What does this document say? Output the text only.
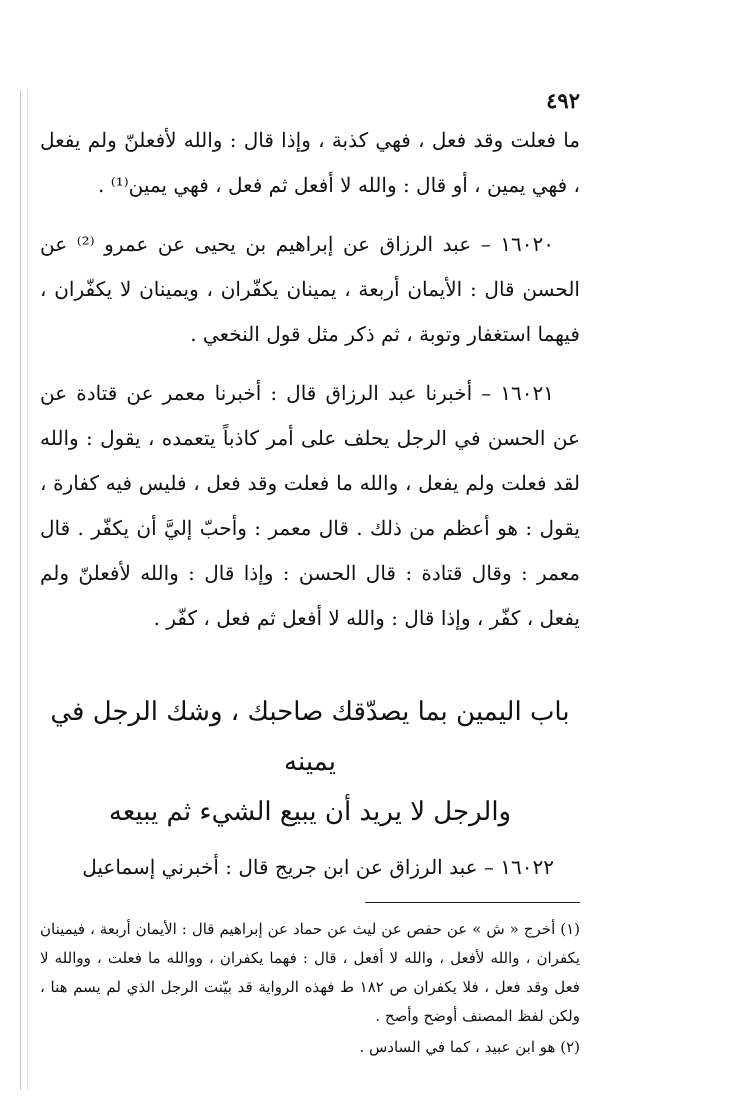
٤٩٢

ما فعلت وقد فعل ، فهي كذبة ، وإذا قال : والله لأفعلنّ ولم يفعل ، فهي يمين ، أو قال : والله لا أفعل ثم فعل ، فهي يمين⁽¹⁾ .

١٦٠٢٠ – عبد الرزاق عن إبراهيم بن يحيى عن عمرو ⁽²⁾ عن الحسن قال : الأيمان أربعة ، يمينان يكفّران ، ويمينان لا يكفّران ، فيهما استغفار وتوبة ، ثم ذكر مثل قول النخعي .

١٦٠٢١ – أخبرنا عبد الرزاق قال : أخبرنا معمر عن قتادة عن عن الحسن في الرجل يحلف على أمر كاذباً يتعمده ، يقول : والله لقد فعلت ولم يفعل ، والله ما فعلت وقد فعل ، فليس فيه كفارة ، يقول : هو أعظم من ذلك . قال معمر : وأحبّ إليَّ أن يكفّر . قال معمر : وقال قتادة : قال الحسن : وإذا قال : والله لأفعلنّ ولم يفعل ، كفّر ، وإذا قال : والله لا أفعل ثم فعل ، كفّر .

باب اليمين بما يصدّقك صاحبك ، وشك الرجل في يمينه
والرجل لا يريد أن يبيع الشيء ثم يبيعه

١٦٠٢٢ – عبد الرزاق عن ابن جريج قال : أخبرني إسماعيل

(١) أخرج « ش » عن حفص عن ليث عن حماد عن إبراهيم قال : الأيمان أربعة ، فيمينان يكفران ، والله لأفعل ، والله لا أفعل ، قال : فهما يكفران ، ووالله ما فعلت ، ووالله لا فعل وقد فعل ، فلا يكفران ص ١٨٢ ط فهذه الرواية قد بيّنت الرجل الذي لم يسم هنا ، ولكن لفظ المصنف أوضح وأصح .

(٢) هو ابن عبيد ، كما في السادس .
